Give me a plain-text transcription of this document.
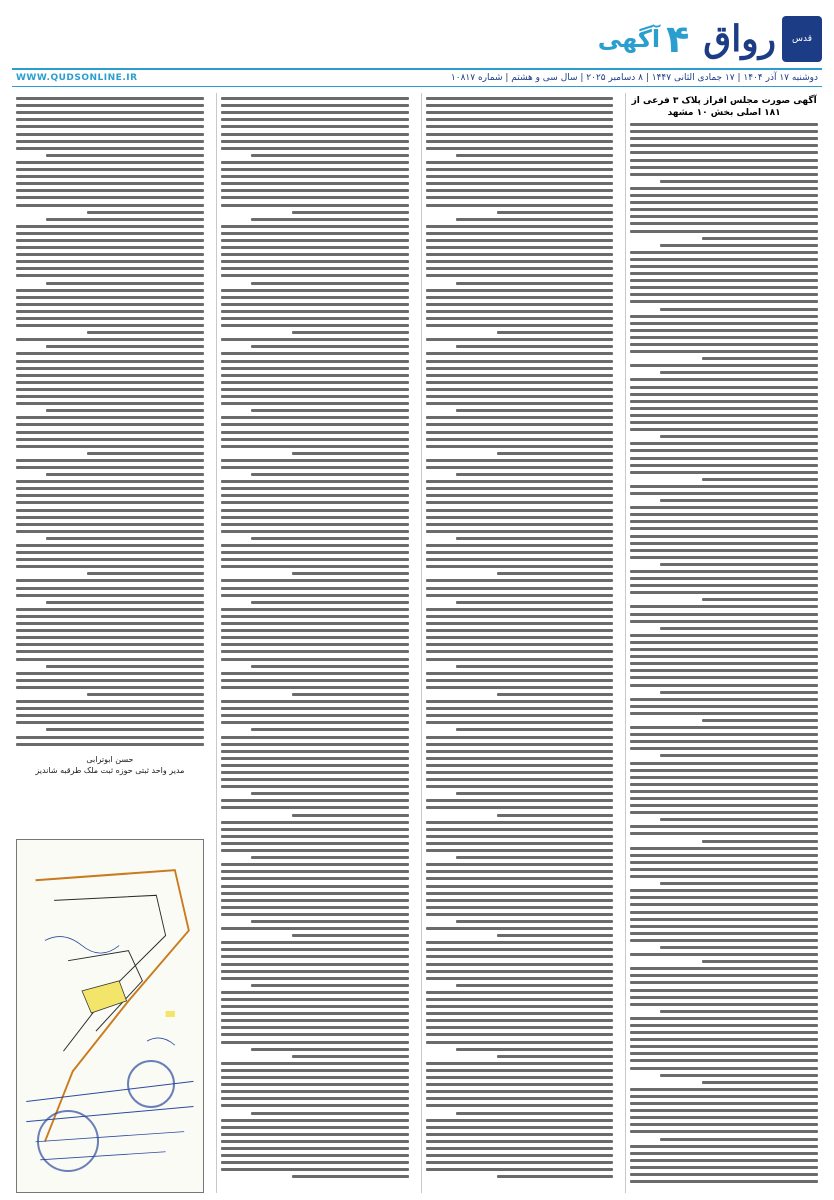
قدس
رواق
۴
آگهی
WWW.QUDSONLINE.IR	دوشنبه ۱۷ آذر ۱۴۰۴ | ۱۷ جمادی الثانی ۱۴۴۷ | ۸ دسامبر ۲۰۲۵ | سال سی و هشتم | شماره ۱۰۸۱۷
آگهی صورت مجلس افراز پلاک ۳ فرعی از ۱۸۱ اصلی بخش ۱۰ مشهد
حسن ابوترابی
مدیر واحد ثبتی حوزه ثبت ملک طرقبه شاندیز
